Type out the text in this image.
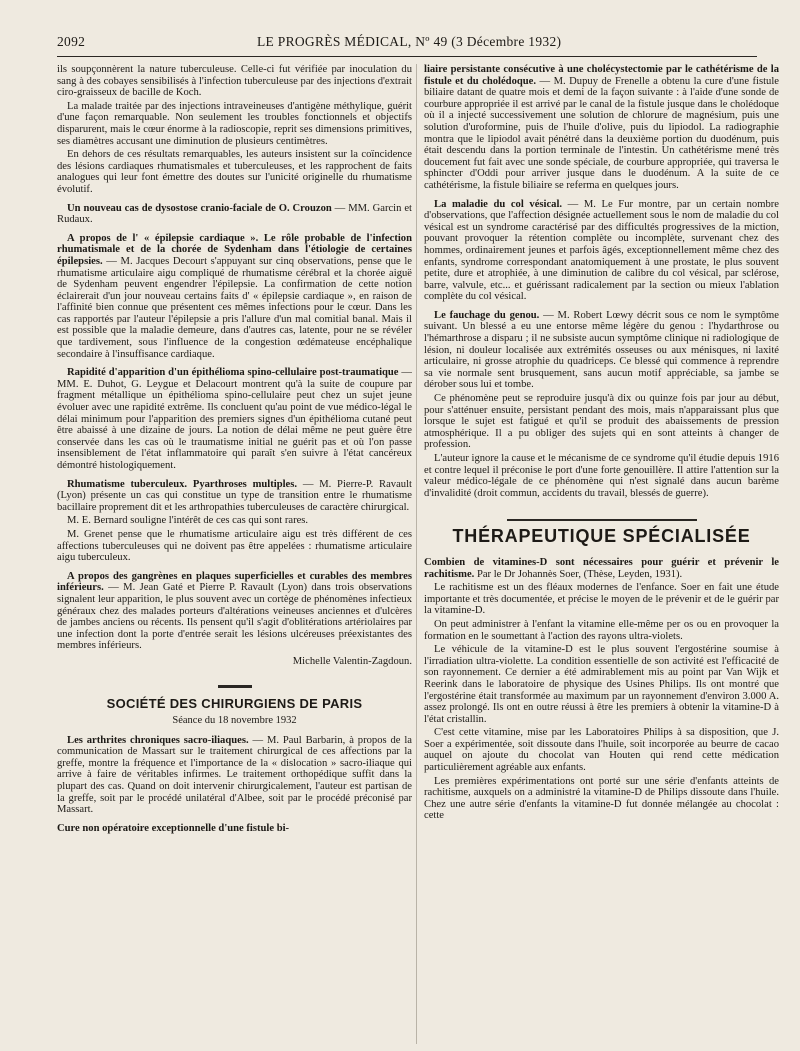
2092	LE PROGRÈS MÉDICAL, Nº 49 (3 Décembre 1932)

ils soupçonnèrent la nature tuberculeuse. Celle-ci fut vérifiée par inoculation du sang à des cobayes sensibilisés à l'infection tuberculeuse par des injections d'extrait ciro-graisseux de bacille de Koch.

La malade traitée par des injections intraveineuses d'antigène méthylique, guérit d'une façon remarquable. Non seulement les troubles fonctionnels et objectifs disparurent, mais le cœur énorme à la radioscopie, reprit ses dimensions primitives, ses diamètres accusant une diminution de plusieurs centimètres.

En dehors de ces résultats remarquables, les auteurs insistent sur la coïncidence des lésions cardiaques rhumatismales et tuberculeuses, et les rapprochent de faits analogues qui leur font émettre des doutes sur l'unicité originelle du rhumatisme évolutif.

Un nouveau cas de dysostose cranio-faciale de O. Crouzon — MM. Garcin et Rudaux.

A propos de l' « épilepsie cardiaque ». Le rôle probable de l'infection rhumatismale et de la chorée de Sydenham dans l'étiologie de certaines épilepsies. — M. Jacques Decourt s'appuyant sur cinq observations, pense que le rhumatisme articulaire aigu compliqué de rhumatisme cérébral et la chorée aiguë de Sydenham peuvent engendrer l'épilepsie. La confirmation de cette notion éclairerait d'un jour nouveau certains faits d' « épilepsie cardiaque », en raison de l'affinité bien connue que présentent ces mêmes infections pour le cœur. Dans les cas rapportés par l'auteur l'épilepsie a pris l'allure d'un mal comitial banal. Mais il est possible que la maladie demeure, dans d'autres cas, latente, pour ne se révéler que tardivement, sous l'influence de la congestion œdémateuse encéphalique secondaire à l'insuffisance cardiaque.

Rapidité d'apparition d'un épithélioma spino-cellulaire post-traumatique — MM. E. Duhot, G. Leygue et Delacourt montrent qu'à la suite de coupure par fragment métallique un épithélioma spino-cellulaire peut chez un sujet jeune évoluer avec une rapidité extrême. Ils concluent qu'au point de vue médico-légal le délai minimum pour l'apparition des premiers signes d'un épithélioma cutané peut être abaissé à une dizaine de jours. La notion de délai même ne peut guère être conservée dans les cas où le traumatisme initial ne guérit pas et où l'on passe insensiblement de l'état inflammatoire qui paraît s'en suivre à l'état cancéreux démontré histologiquement.

Rhumatisme tuberculeux. Pyarthroses multiples. — M. Pierre-P. Ravault (Lyon) présente un cas qui constitue un type de transition entre le rhumatisme bacillaire proprement dit et les arthropathies tuberculeuses de caractère chirurgical.

M. E. Bernard souligne l'intérêt de ces cas qui sont rares.

M. Grenet pense que le rhumatisme articulaire aigu est très différent de ces affections tuberculeuses qui ne doivent pas être appelées : rhumatisme articulaire aigu tuberculeux.

A propos des gangrènes en plaques superficielles et curables des membres inférieurs. — M. Jean Gaté et Pierre P. Ravault (Lyon) dans trois observations signalent leur apparition, le plus souvent avec un cortège de phénomènes infectieux généraux chez des malades porteurs d'altérations veineuses anciennes et d'ulcères de jambes anciens ou récents. Ils pensent qu'il s'agit d'oblitérations artériolaires par une infection dont la porte d'entrée serait les lésions ulcéreuses préexistantes des membres inférieurs.

Michelle Valentin-Zagdoun.

SOCIÉTÉ DES CHIRURGIENS DE PARIS
Séance du 18 novembre 1932

Les arthrites chroniques sacro-iliaques. — M. Paul Barbarin, à propos de la communication de Massart sur le traitement chirurgical de ces affections par la greffe, montre la fréquence et l'importance de la « dislocation » sacro-iliaque qui arrive à faire de véritables infirmes. Le traitement orthopédique suffit dans la plupart des cas. Quand on doit intervenir chirurgicalement, l'auteur est partisan de la greffe, soit par le procédé unilatéral d'Albee, soit par le procédé préconisé par Massart.

Cure non opératoire exceptionnelle d'une fistule bi-

liaire persistante consécutive à une cholécystectomie par le cathétérisme de la fistule et du cholédoque. — M. Dupuy de Frenelle a obtenu la cure d'une fistule biliaire datant de quatre mois et demi de la façon suivante : à l'aide d'une sonde de courbure appropriée il est arrivé par le canal de la fistule jusque dans le cholédoque où il a injecté successivement une solution de chlorure de magnésium, puis une solution d'uroformine, puis de l'huile d'olive, puis du lipiodol. La radiographie montra que le lipiodol avait pénétré dans la deuxième portion du duodénum, puis était descendu dans la portion terminale de l'intestin. Un cathétérisme mené très doucement fut fait avec une sonde spéciale, de courbure appropriée, qui traversa le sphincter d'Oddi pour arriver jusque dans le duodénum. A la suite de ce cathétérisme, la fistule biliaire se referma en quelques jours.

La maladie du col vésical. — M. Le Fur montre, par un certain nombre d'observations, que l'affection désignée actuellement sous le nom de maladie du col vésical est un syndrome caractérisé par des difficultés progressives de la miction, pouvant provoquer la rétention complète ou incomplète, survenant chez des hommes, ordinairement jeunes et parfois âgés, exceptionnellement même chez des enfants, syndrome correspondant anatomiquement à une prostate, le plus souvent petite, dure et atrophiée, à une diminution de calibre du col vésical, par sclérose, barre, valvule, etc... et guérissant radicalement par la section ou mieux l'ablation complète du col vésical.

Le fauchage du genou. — M. Robert Lœwy décrit sous ce nom le symptôme suivant. Un blessé a eu une entorse même légère du genou : l'hydarthrose ou l'hémarthrose a disparu ; il ne subsiste aucun symptôme clinique ni radiologique de lésion, ni douleur localisée aux extrémités osseuses ou aux ménisques, ni laxité articulaire, ni grosse atrophie du quadriceps. Ce blessé qui commence à reprendre sa vie normale sent brusquement, sans aucun motif appréciable, sa jambe se dérober sous lui et tombe.

Ce phénomène peut se reproduire jusqu'à dix ou quinze fois par jour au début, pour s'atténuer ensuite, persistant pendant des mois, mais n'apparaissant plus que lorsque le sujet est fatigué et qu'il se produit des abaissements de pression atmosphérique. Il a pu obliger des sujets qui en sont atteints à changer de profession.

L'auteur ignore la cause et le mécanisme de ce syndrome qu'il étudie depuis 1916 et contre lequel il préconise le port d'une forte genouillère. Il attire l'attention sur la valeur médico-légale de ce phénomène qui n'est signalé dans aucun barème d'invalidité (droit commun, accidents du travail, blessés de guerre).

THÉRAPEUTIQUE SPÉCIALISÉE

Combien de vitamines-D sont nécessaires pour guérir et prévenir le rachitisme. Par le Dr Johannès Soer, (Thèse, Leyden, 1931).

Le rachitisme est un des fléaux modernes de l'enfance. Soer en fait une étude importante et très documentée, et précise le moyen de le prévenir et de le guérir par la vitamine-D.

On peut administrer à l'enfant la vitamine elle-même per os ou en provoquer la formation en le soumettant à l'action des rayons ultra-violets.

Le véhicule de la vitamine-D est le plus souvent l'ergostérine soumise à l'irradiation ultra-violette. La condition essentielle de son activité est l'efficacité de son rayonnement. Ce dernier a été admirablement mis au point par Van Wijk et Reerink dans le laboratoire de physique des Usines Philips. Ils ont montré que l'ergostérine était transformée au maximum par un rayonnement d'environ 3.000 A. assez prolongé. Ils ont en outre réussi à être les premiers à obtenir la vitamine-D à l'état cristallin.

C'est cette vitamine, mise par les Laboratoires Philips à sa disposition, que J. Soer a expérimentée, soit dissoute dans l'huile, soit incorporée au beurre de cacao auquel on ajoute du chocolat van Houten qui rend cette médication particulièrement agréable aux enfants.

Les premières expérimentations ont porté sur une série d'enfants atteints de rachitisme, auxquels on a administré la vitamine-D de Philips dissoute dans l'huile. Chez une autre série d'enfants la vitamine-D fut donnée mélangée au chocolat : cette
